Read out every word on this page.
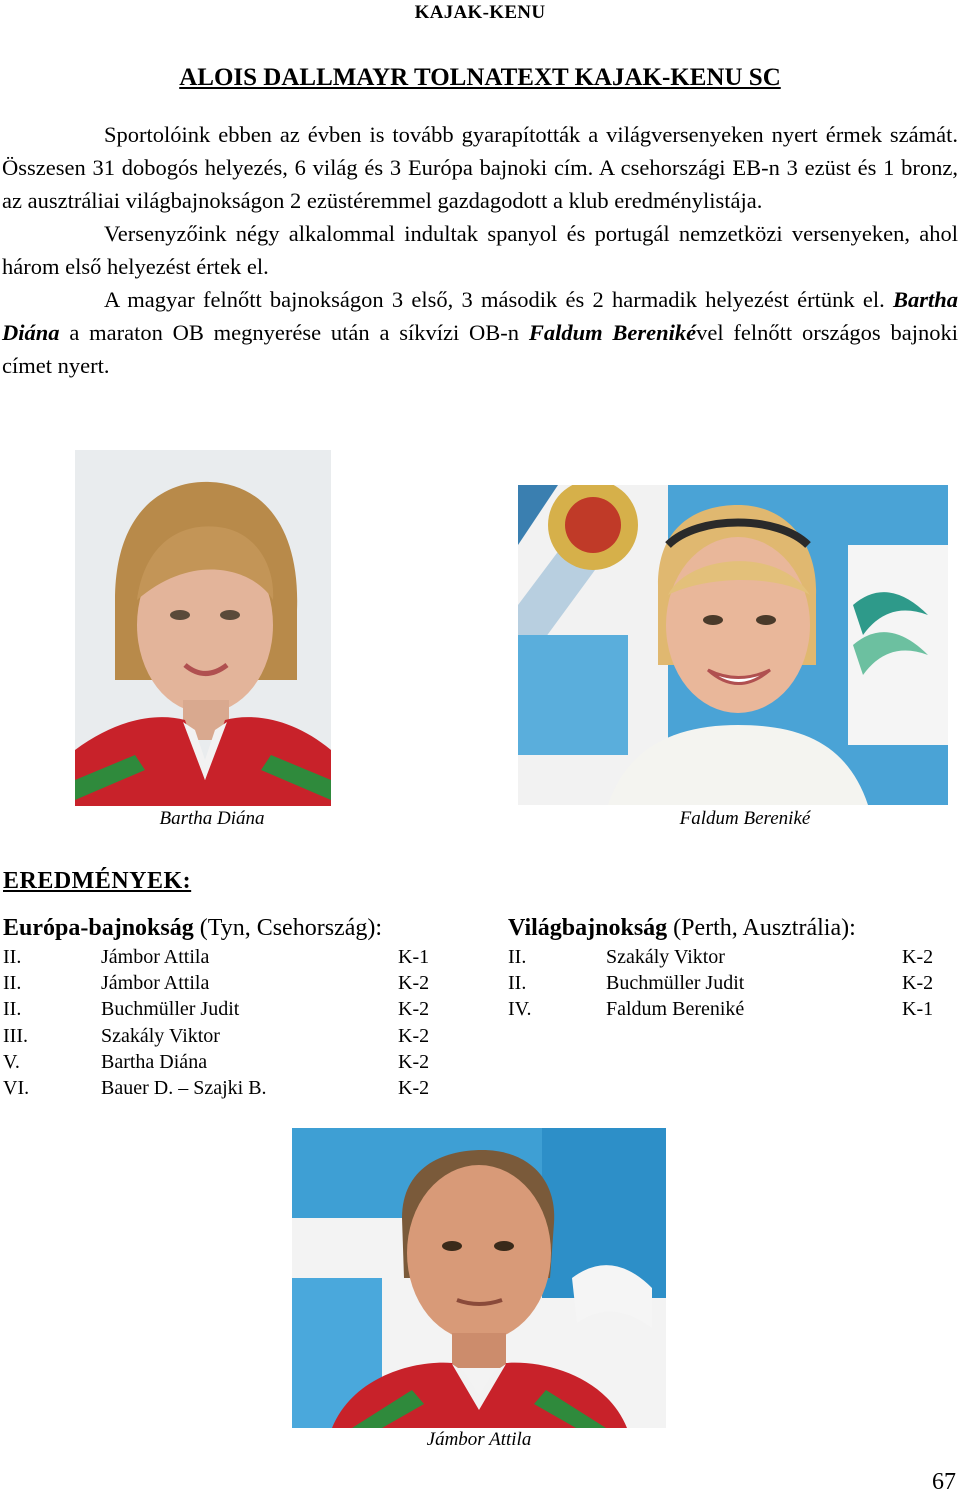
KAJAK-KENU
ALOIS DALLMAYR TOLNATEXT KAJAK-KENU SC

Sportolóink ebben az évben is tovább gyarapították a világversenyeken nyert érmek számát. Összesen 31 dobogós helyezés, 6 világ és 3 Európa bajnoki cím. A csehországi EB-n 3 ezüst és 1 bronz, az ausztráliai világbajnokságon 2 ezüstéremmel gazdagodott a klub eredménylistája.

Versenyzőink négy alkalommal indultak spanyol és portugál nemzetközi versenyeken, ahol három első helyezést értek el.

A magyar felnőtt bajnokságon 3 első, 3 második és 2 harmadik helyezést értünk el. Bartha Diána a maraton OB megnyerése után a síkvízi OB-n Faldum Berenikével felnőtt országos bajnoki címet nyert.

Bartha Diána	Faldum Bereniké
Jámbor Attila
EREDMÉNYEK:
Európa-bajnokság (Tyn, Csehország):
II.	Jámbor Attila	K-1
II.	Jámbor Attila	K-2
II.	Buchmüller Judit	K-2
III.	Szakály Viktor	K-2
V.	Bartha Diána	K-2
VI.	Bauer D. – Szajki B.	K-2
Világbajnokság (Perth, Ausztrália):
II.	Szakály Viktor	K-2
II.	Buchmüller Judit	K-2
IV.	Faldum Bereniké	K-1
67
